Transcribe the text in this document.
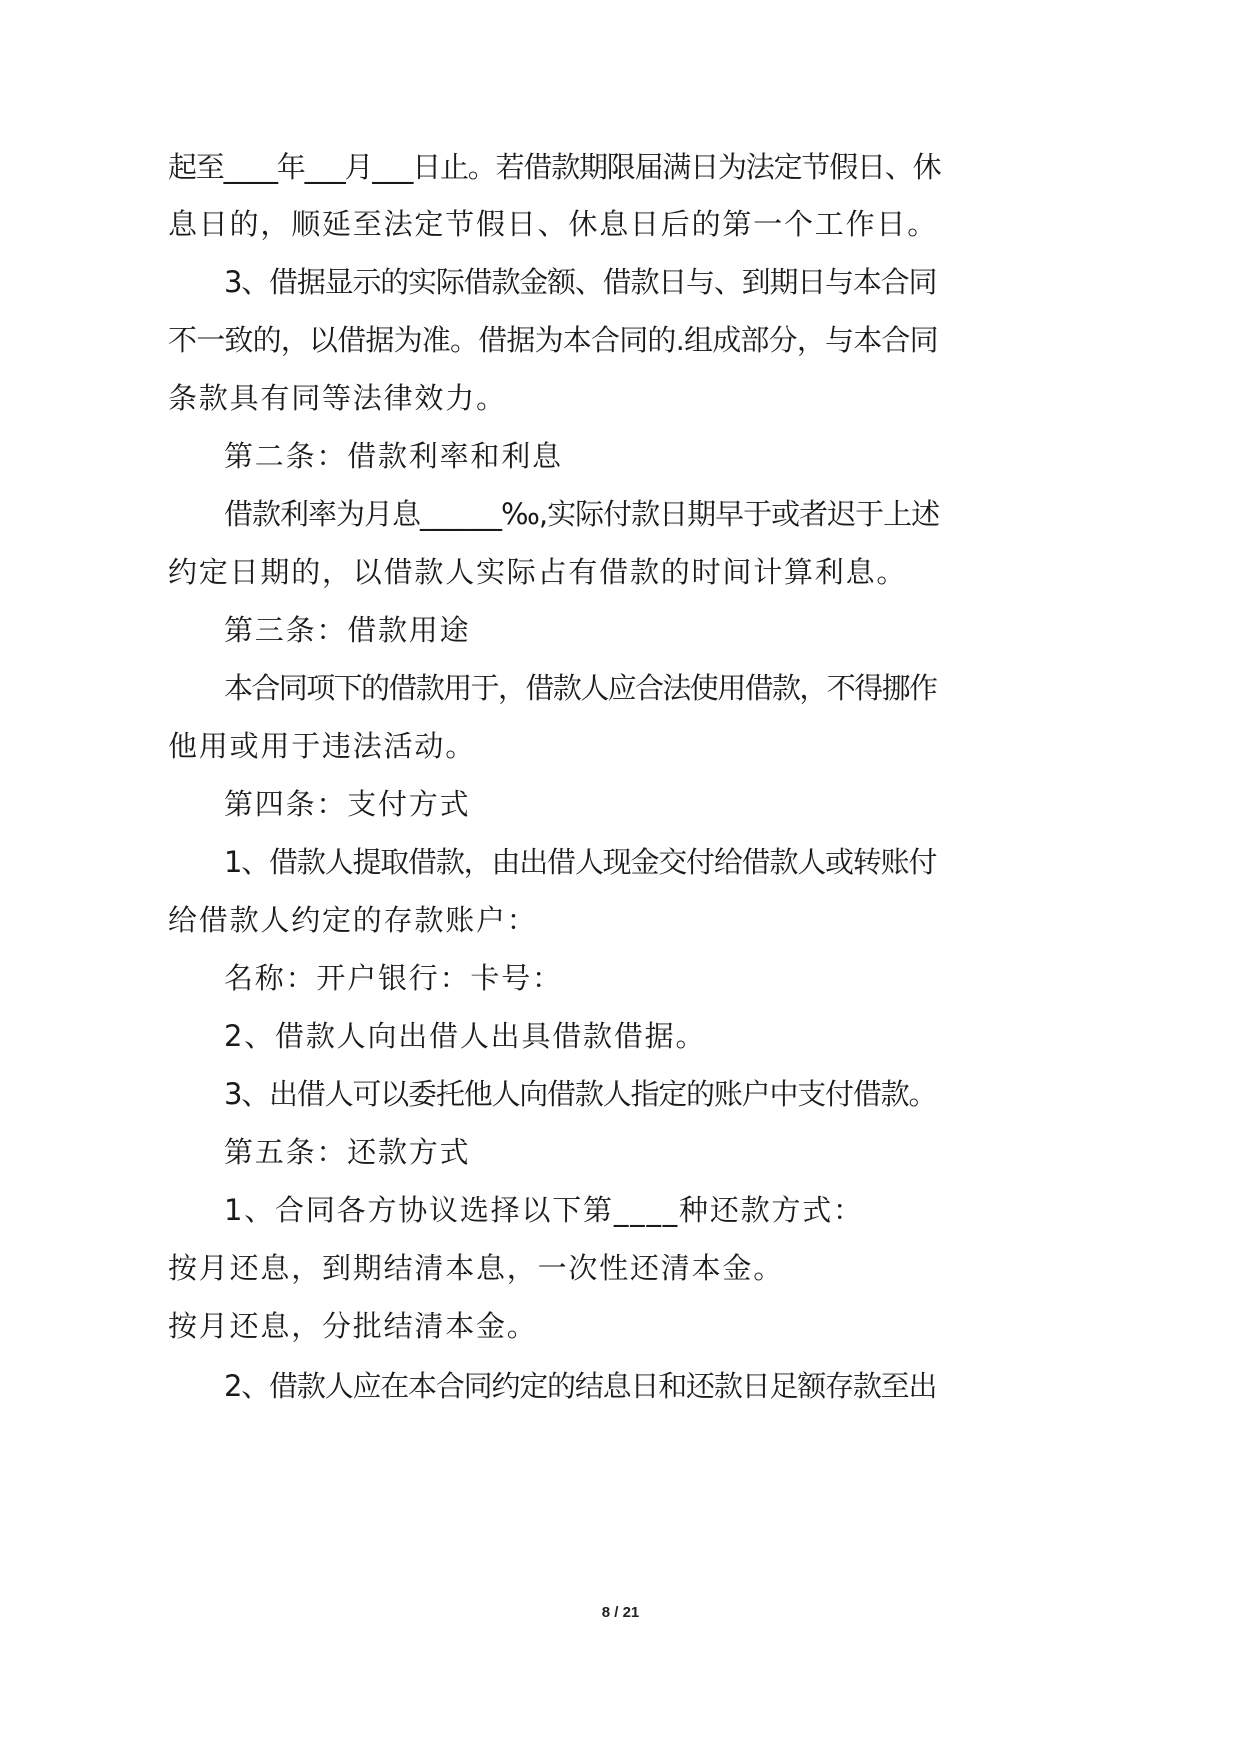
起至____年___月___日止。若借款期限届满日为法定节假日、休
息日的，顺延至法定节假日、休息日后的第一个工作日。
3、借据显示的实际借款金额、借款日与、到期日与本合同
不一致的，以借据为准。借据为本合同的.组成部分，与本合同
条款具有同等法律效力。
第二条：借款利率和利息
借款利率为月息______‰,实际付款日期早于或者迟于上述
约定日期的，以借款人实际占有借款的时间计算利息。
第三条：借款用途
本合同项下的借款用于，借款人应合法使用借款，不得挪作
他用或用于违法活动。
第四条：支付方式
1、借款人提取借款，由出借人现金交付给借款人或转账付
给借款人约定的存款账户：
名称：开户银行：卡号：
2、借款人向出借人出具借款借据。
3、出借人可以委托他人向借款人指定的账户中支付借款。
第五条：还款方式
1、合同各方协议选择以下第____种还款方式：
按月还息，到期结清本息，一次性还清本金。
按月还息，分批结清本金。
2、借款人应在本合同约定的结息日和还款日足额存款至出
8 / 21
